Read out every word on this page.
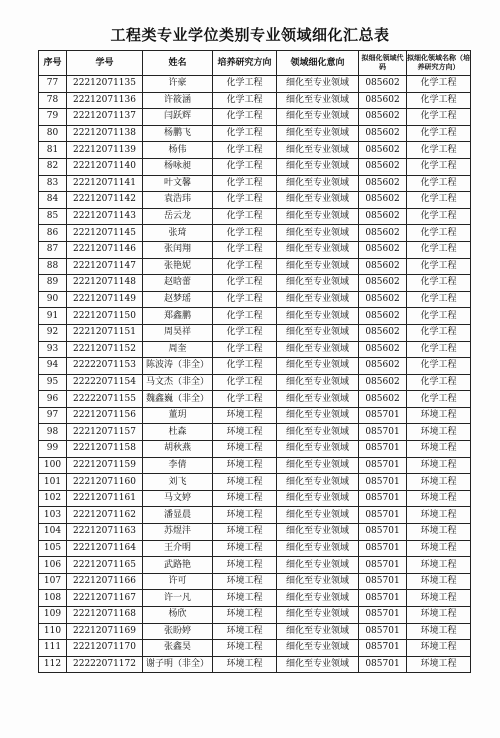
工程类专业学位类别专业领域细化汇总表
序号	学号	姓名	培养研究方向	领域细化意向	拟细化领域代码	拟细化领域名称（培养研究方向）
77	22212071135	许豪	化学工程	细化至专业领域	085602	化学工程
78	22212071136	许筱涵	化学工程	细化至专业领域	085602	化学工程
79	22212071137	闫跃辉	化学工程	细化至专业领域	085602	化学工程
80	22212071138	杨鹏飞	化学工程	细化至专业领域	085602	化学工程
81	22212071139	杨伟	化学工程	细化至专业领域	085602	化学工程
82	22212071140	杨咏昶	化学工程	细化至专业领域	085602	化学工程
83	22212071141	叶文馨	化学工程	细化至专业领域	085602	化学工程
84	22212071142	袁浩玮	化学工程	细化至专业领域	085602	化学工程
85	22212071143	岳云龙	化学工程	细化至专业领域	085602	化学工程
86	22212071145	张琦	化学工程	细化至专业领域	085602	化学工程
87	22212071146	张闰翔	化学工程	细化至专业领域	085602	化学工程
88	22212071147	张艳妮	化学工程	细化至专业领域	085602	化学工程
89	22212071148	赵晗蕾	化学工程	细化至专业领域	085602	化学工程
90	22212071149	赵梦瑶	化学工程	细化至专业领域	085602	化学工程
91	22212071150	郑鑫鹏	化学工程	细化至专业领域	085602	化学工程
92	22212071151	周昊祥	化学工程	细化至专业领域	085602	化学工程
93	22212071152	周奎	化学工程	细化至专业领域	085602	化学工程
94	22222071153	陈波涛（非全）	化学工程	细化至专业领域	085602	化学工程
95	22222071154	马文杰（非全）	化学工程	细化至专业领域	085602	化学工程
96	22222071155	魏鑫巍（非全）	化学工程	细化至专业领域	085602	化学工程
97	22212071156	董玥	环境工程	细化至专业领域	085701	环境工程
98	22212071157	杜森	环境工程	细化至专业领域	085701	环境工程
99	22212071158	胡秋燕	环境工程	细化至专业领域	085701	环境工程
100	22212071159	李倩	环境工程	细化至专业领域	085701	环境工程
101	22212071160	刘飞	环境工程	细化至专业领域	085701	环境工程
102	22212071161	马文婷	环境工程	细化至专业领域	085701	环境工程
103	22212071162	潘显晨	环境工程	细化至专业领域	085701	环境工程
104	22212071163	苏煜沣	环境工程	细化至专业领域	085701	环境工程
105	22212071164	王介明	环境工程	细化至专业领域	085701	环境工程
106	22212071165	武路艳	环境工程	细化至专业领域	085701	环境工程
107	22212071166	许可	环境工程	细化至专业领域	085701	环境工程
108	22212071167	许一凡	环境工程	细化至专业领域	085701	环境工程
109	22212071168	杨欣	环境工程	细化至专业领域	085701	环境工程
110	22212071169	张盼婷	环境工程	细化至专业领域	085701	环境工程
111	22212071170	张鑫昊	环境工程	细化至专业领域	085701	环境工程
112	22222071172	谢子明（非全）	环境工程	细化至专业领域	085701	环境工程
